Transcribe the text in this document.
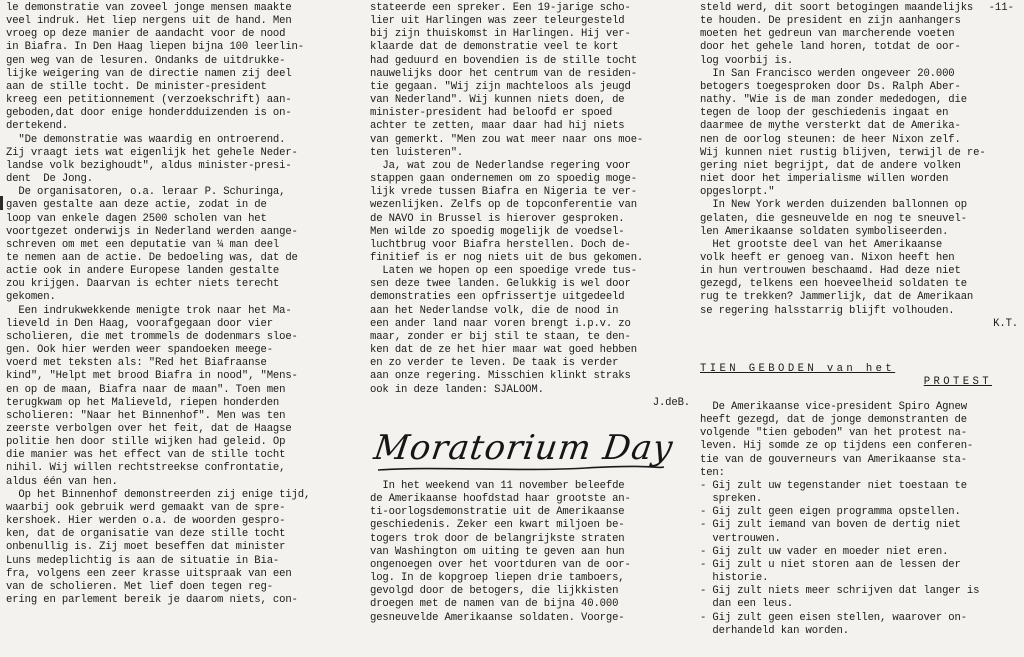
-11-
le demonstratie van zoveel jonge mensen maakte
veel indruk. Het liep nergens uit de hand. Men
vroeg op deze manier de aandacht voor de nood
in Biafra. In Den Haag liepen bijna 100 leerlin-
gen weg van de lesuren. Ondanks de uitdrukke-
lijke weigering van de directie namen zij deel
aan de stille tocht. De minister-president
kreeg een petitionnement (verzoekschrift) aan-
geboden,dat door enige honderdduizenden is on-
dertekend.
"De demonstratie was waardig en ontroerend.
Zij vraagt iets wat eigenlijk het gehele Neder-
landse volk bezighoudt", aldus minister-presi-
dent  De Jong.
De organisatoren, o.a. leraar P. Schuringa,
gaven gestalte aan deze actie, zodat in de
loop van enkele dagen 2500 scholen van het
voortgezet onderwijs in Nederland werden aange-
schreven om met een deputatie van ¼ man deel
te nemen aan de actie. De bedoeling was, dat de
actie ook in andere Europese landen gestalte
zou krijgen. Daarvan is echter niets terecht
gekomen.
Een indrukwekkende menigte trok naar het Ma-
lieveld in Den Haag, voorafgegaan door vier
scholieren, die met trommels de dodenmars sloe-
gen. Ook hier werden weer spandoeken meege-
voerd met teksten als: "Red het Biafraanse
kind", "Helpt met brood Biafra in nood", "Mens-
en op de maan, Biafra naar de maan". Toen men
terugkwam op het Malieveld, riepen honderden
scholieren: "Naar het Binnenhof". Men was ten
zeerste verbolgen over het feit, dat de Haagse
politie hen door stille wijken had geleid. Op
die manier was het effect van de stille tocht
nihil. Wij willen rechtstreekse confrontatie,
aldus één van hen.
Op het Binnenhof demonstreerden zij enige tijd,
waarbij ook gebruik werd gemaakt van de spre-
kershoek. Hier werden o.a. de woorden gespro-
ken, dat de organisatie van deze stille tocht
onbenullig is. Zij moet beseffen dat minister
Luns medeplichtig is aan de situatie in Bia-
fra, volgens een zeer krasse uitspraak van een
van de scholieren. Met lief doen tegen reg-
ering en parlement bereik je daarom niets, con-
stateerde een spreker. Een 19-jarige scho-
lier uit Harlingen was zeer teleurgesteld
bij zijn thuiskomst in Harlingen. Hij ver-
klaarde dat de demonstratie veel te kort
had geduurd en bovendien is de stille tocht
nauwelijks door het centrum van de residen-
tie gegaan. "Wij zijn machteloos als jeugd
van Nederland". Wij kunnen niets doen, de
minister-president had beloofd er spoed
achter te zetten, maar daar had hij niets
van gemerkt. "Men zou wat meer naar ons moe-
ten luisteren".
Ja, wat zou de Nederlandse regering voor
stappen gaan ondernemen om zo spoedig moge-
lijk vrede tussen Biafra en Nigeria te ver-
wezenlijken. Zelfs op de topconferentie van
de NAVO in Brussel is hierover gesproken.
Men wilde zo spoedig mogelijk de voedsel-
luchtbrug voor Biafra herstellen. Doch de-
finitief is er nog niets uit de bus gekomen.
Laten we hopen op een spoedige vrede tus-
sen deze twee landen. Gelukkig is wel door
demonstraties een opfrissertje uitgedeeld
aan het Nederlandse volk, die de nood in
een ander land naar voren brengt i.p.v. zo
maar, zonder er bij stil te staan, te den-
ken dat de ze het hier maar wat goed hebben
en zo verder te leven. De taak is verder
aan onze regering. Misschien klinkt straks
ook in deze landen: SJALOOM.
J.deB.
Moratorium Day
In het weekend van 11 november beleefde
de Amerikaanse hoofdstad haar grootste an-
ti-oorlogsdemonstratie uit de Amerikaanse
geschiedenis. Zeker een kwart miljoen be-
togers trok door de belangrijkste straten
van Washington om uiting te geven aan hun
ongenoegen over het voortduren van de oor-
log. In de kopgroep liepen drie tamboers,
gevolgd door de betogers, die lijkkisten
droegen met de namen van de bijna 40.000
gesneuvelde Amerikaanse soldaten. Voorge-
steld werd, dit soort betogingen maandelijks
te houden. De president en zijn aanhangers
moeten het gedreun van marcherende voeten
door het gehele land horen, totdat de oor-
log voorbij is.
In San Francisco werden ongeveer 20.000
betogers toegesproken door Ds. Ralph Aber-
nathy. "Wie is de man zonder mededogen, die
tegen de loop der geschiedenis ingaat en
daarmee de mythe versterkt dat de Amerika-
nen de oorlog steunen: de heer Nixon zelf.
Wij kunnen niet rustig blijven, terwijl de re-
gering niet begrijpt, dat de andere volken
niet door het imperialisme willen worden
opgeslorpt."
In New York werden duizenden ballonnen op
gelaten, die gesneuvelde en nog te sneuvel-
len Amerikaanse soldaten symboliseerden.
Het grootste deel van het Amerikaanse
volk heeft er genoeg van. Nixon heeft hen
in hun vertrouwen beschaamd. Had deze niet
gezegd, telkens een hoeveelheid soldaten te
rug te trekken? Jammerlijk, dat de Amerikaan
se regering halsstarrig blijft volhouden.
K.T.
TIEN GEBODEN van het
PROTEST
De Amerikaanse vice-president Spiro Agnew
heeft gezegd, dat de jonge demonstranten de
volgende "tien geboden" van het protest na-
leven. Hij somde ze op tijdens een conferen-
tie van de gouverneurs van Amerikaanse sta-
ten:
- Gij zult uw tegenstander niet toestaan te
spreken.
- Gij zult geen eigen programma opstellen.
- Gij zult iemand van boven de dertig niet
vertrouwen.
- Gij zult uw vader en moeder niet eren.
- Gij zult u niet storen aan de lessen der
historie.
- Gij zult niets meer schrijven dat langer is
dan een leus.
- Gij zult geen eisen stellen, waarover on-
derhandeld kan worden.
